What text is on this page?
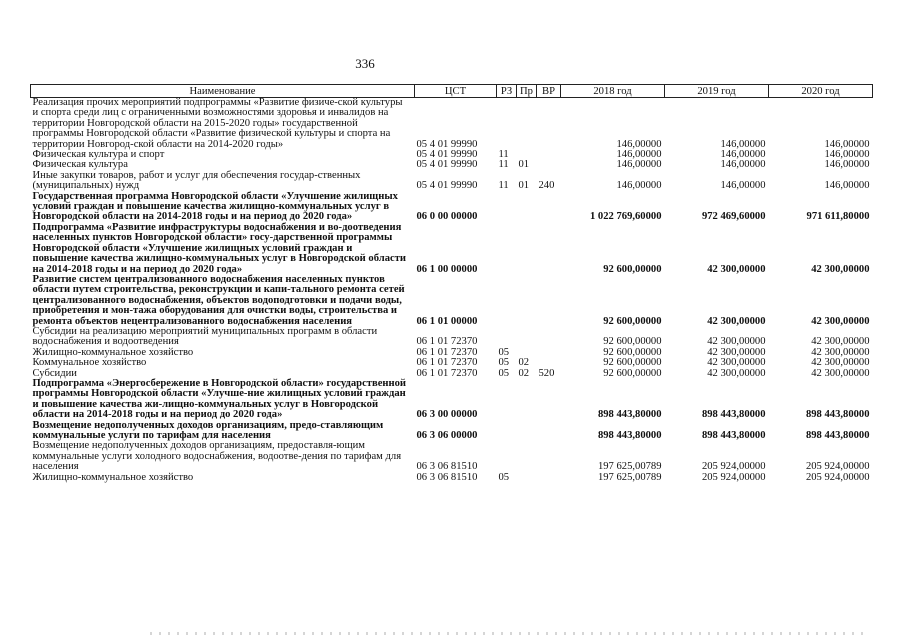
336
Наименование	ЦСТ	РЗ	Пр	ВР	2018 год	2019 год	2020 год
Реализация прочих мероприятий подпрограммы «Развитие физиче-ской культуры и спорта среди лиц с ограниченными возможностями здоровья и инвалидов на территории Новгородской области на 2015-2020 годы» государственной программы Новгородской области «Развитие физической культуры и спорта на территории Новгород-ской области на 2014-2020 годы»	05 4 01 99990				146,00000	146,00000	146,00000
Физическая культура и спорт	05 4 01 99990	11			146,00000	146,00000	146,00000
Физическая культура	05 4 01 99990	11	01		146,00000	146,00000	146,00000
Иные закупки товаров, работ и услуг для обеспечения государ-ственных (муниципальных) нужд	05 4 01 99990	11	01	240	146,00000	146,00000	146,00000
Государственная программа Новгородской области «Улучшение жилищных условий граждан и повышение качества жилищно-коммунальных услуг в Новгородской области на 2014-2018 годы и на период до 2020 года»	06 0 00 00000				1 022 769,60000	972 469,60000	971 611,80000
Подпрограмма «Развитие инфраструктуры водоснабжения и во-доотведения населенных пунктов Новгородской области» госу-дарственной программы Новгородской области «Улучшение жилищных условий граждан и повышение качества жилищно-коммунальных услуг в Новгородской области на 2014-2018 годы и на период до 2020 года»	06 1 00 00000				92 600,00000	42 300,00000	42 300,00000
Развитие систем централизованного водоснабжения населенных пунктов области путем строительства, реконструкции и капи-тального ремонта сетей централизованного водоснабжения, объектов водоподготовки и подачи воды, приобретения и мон-тажа оборудования для очистки воды, строительства и ремонта объектов нецентрализованного водоснабжения населения	06 1 01 00000				92 600,00000	42 300,00000	42 300,00000
Субсидии на реализацию мероприятий муниципальных программ в области водоснабжения и водоотведения	06 1 01 72370				92 600,00000	42 300,00000	42 300,00000
Жилищно-коммунальное хозяйство	06 1 01 72370	05			92 600,00000	42 300,00000	42 300,00000
Коммунальное хозяйство	06 1 01 72370	05	02		92 600,00000	42 300,00000	42 300,00000
Субсидии	06 1 01 72370	05	02	520	92 600,00000	42 300,00000	42 300,00000
Подпрограмма «Энергосбережение в Новгородской области» государственной программы Новгородской области «Улучше-ние жилищных условий граждан и повышение качества жи-лищно-коммунальных услуг в Новгородской области на 2014-2018 годы и на период до 2020 года»	06 3 00 00000				898 443,80000	898 443,80000	898 443,80000
Возмещение недополученных доходов организациям, предо-ставляющим коммунальные услуги по тарифам для населения	06 3 06 00000				898 443,80000	898 443,80000	898 443,80000
Возмещение недополученных доходов организациям, предоставля-ющим коммунальные услуги холодного водоснабжения, водоотве-дения по тарифам для населения	06 3 06 81510				197 625,00789	205 924,00000	205 924,00000
Жилищно-коммунальное хозяйство	06 3 06 81510	05			197 625,00789	205 924,00000	205 924,00000
